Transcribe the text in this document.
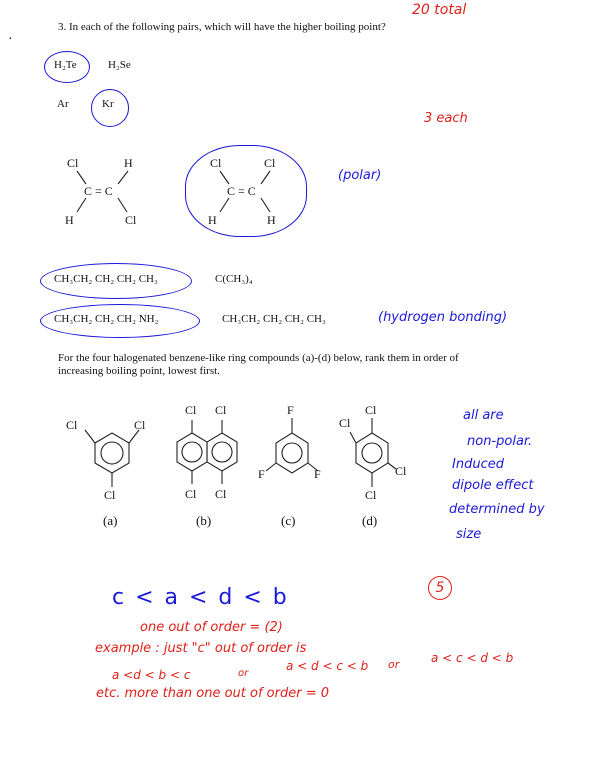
·
20 total
3. In each of the following pairs, which will have the higher boiling point?
3 each
H₂Te	H₂Se
Ar	Kr
Cl	H
C = C
H	Cl
Cl	Cl
C = C
H	H
(polar)
CH₃CH₂ CH₂ CH₂ CH₃	C(CH₃)₄
CH₃CH₂ CH₂ CH₂ NH₂	CH₃CH₂ CH₂ CH₂ CH₃	(hydrogen bonding)
For the four halogenated benzene-like ring compounds (a)-(d) below, rank them in order of
increasing boiling point, lowest first.
Cl	Cl
Cl
(a)
Cl Cl
Cl Cl
(b)
F
F	F
(c)
Cl
Cl
Cl
Cl
(d)
all are
non-polar.
Induced
dipole effect
determined by
size
c < a < d < b	5
one out of order = (2)
example : just "c" out of order is
a <d < b < c	or
a < d < c < b or	a < c < d < b
etc. more than one out of order = 0
